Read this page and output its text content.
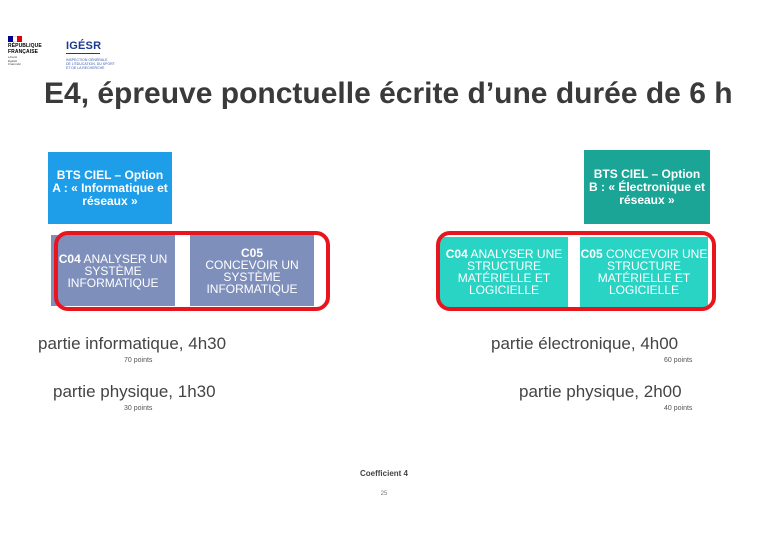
RÉPUBLIQUE
FRANÇAISE
Liberté
Égalité
Fraternité
IGÉSR
INSPECTION GÉNÉRALE
DE L'ÉDUCATION, DU SPORT
ET DE LA RECHERCHE
E4, épreuve ponctuelle écrite d’une durée de 6 h
BTS CIEL – Option A : « Informatique et réseaux »
BTS CIEL – Option B : « Électronique et réseaux »
C04 ANALYSER UN SYSTÈME INFORMATIQUE
C05
CONCEVOIR UN SYSTÈME INFORMATIQUE
C04 ANALYSER UNE STRUCTURE MATÉRIELLE ET LOGICIELLE
C05 CONCEVOIR UNE STRUCTURE MATÉRIELLE ET LOGICIELLE
partie informatique, 4h30
70 points
partie physique, 1h30
30 points
partie électronique, 4h00
60 points
partie physique, 2h00
40 points
Coefficient 4
25
